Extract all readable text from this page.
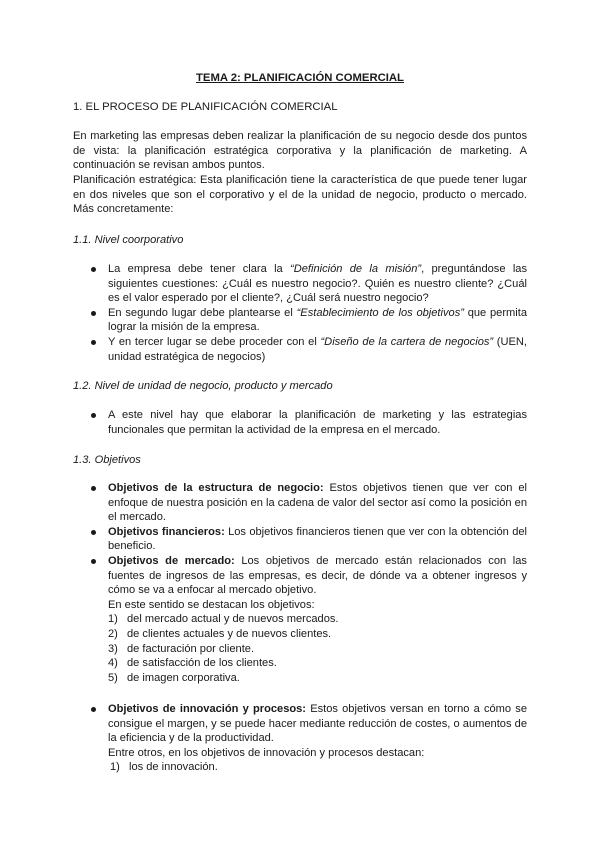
TEMA 2: PLANIFICACIÓN COMERCIAL
1. EL PROCESO DE PLANIFICACIÓN COMERCIAL
En marketing las empresas deben realizar la planificación de su negocio desde dos puntos de vista: la planificación estratégica corporativa y la planificación de marketing. A continuación se revisan ambos puntos.
Planificación estratégica: Esta planificación tiene la característica de que puede tener lugar en dos niveles que son el corporativo y el de la unidad de negocio, producto o mercado. Más concretamente:
1.1. Nivel coorporativo
La empresa debe tener clara la “Definición de la misión”, preguntándose las siguientes cuestiones: ¿Cuál es nuestro negocio?. Quién es nuestro cliente? ¿Cuál es el valor esperado por el cliente?, ¿Cuál será nuestro negocio?
En segundo lugar debe plantearse el “Establecimiento de los objetivos” que permita lograr la misión de la empresa.
Y en tercer lugar se debe proceder con el “Diseño de la cartera de negocios” (UEN, unidad estratégica de negocios)
1.2. Nivel de unidad de negocio, producto y mercado
A este nivel hay que elaborar la planificación de marketing y las estrategias funcionales que permitan la actividad de la empresa en el mercado.
1.3. Objetivos
Objetivos de la estructura de negocio: Estos objetivos tienen que ver con el enfoque de nuestra posición en la cadena de valor del sector así como la posición en el mercado.
Objetivos financieros: Los objetivos financieros tienen que ver con la obtención del beneficio.
Objetivos de mercado: Los objetivos de mercado están relacionados con las fuentes de ingresos de las empresas, es decir, de dónde va a obtener ingresos y cómo se va a enfocar al mercado objetivo.
En este sentido se destacan los objetivos:
1) del mercado actual y de nuevos mercados.
2) de clientes actuales y de nuevos clientes.
3) de facturación por cliente.
4) de satisfacción de los clientes.
5) de imagen corporativa.
Objetivos de innovación y procesos: Estos objetivos versan en torno a cómo se consigue el margen, y se puede hacer mediante reducción de costes, o aumentos de la eficiencia y de la productividad.
Entre otros, en los objetivos de innovación y procesos destacan:
1) los de innovación.
